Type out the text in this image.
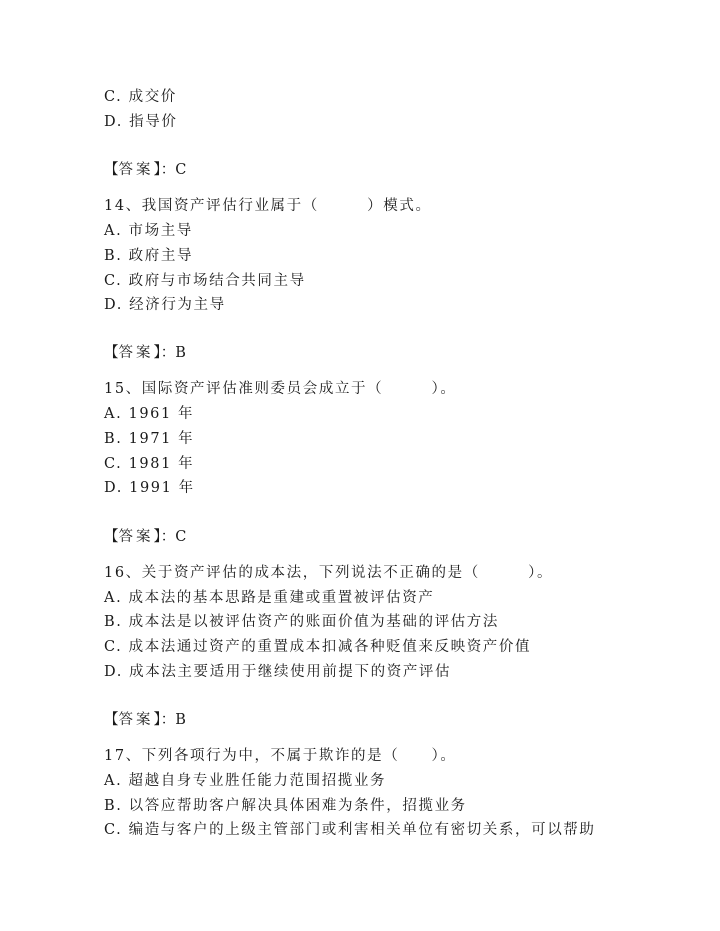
C. 成交价
D. 指导价
【答案】：C
14、我国资产评估行业属于（　　　）模式。
A. 市场主导
B. 政府主导
C. 政府与市场结合共同主导
D. 经济行为主导
【答案】：B
15、国际资产评估准则委员会成立于（　　　）。
A. 1961 年
B. 1971 年
C. 1981 年
D. 1991 年
【答案】：C
16、关于资产评估的成本法，下列说法不正确的是（　　　）。
A. 成本法的基本思路是重建或重置被评估资产
B. 成本法是以被评估资产的账面价值为基础的评估方法
C. 成本法通过资产的重置成本扣减各种贬值来反映资产价值
D. 成本法主要适用于继续使用前提下的资产评估
【答案】：B
17、下列各项行为中，不属于欺诈的是（　　）。
A. 超越自身专业胜任能力范围招揽业务
B. 以答应帮助客户解决具体困难为条件，招揽业务
C. 编造与客户的上级主管部门或利害相关单位有密切关系，可以帮助
